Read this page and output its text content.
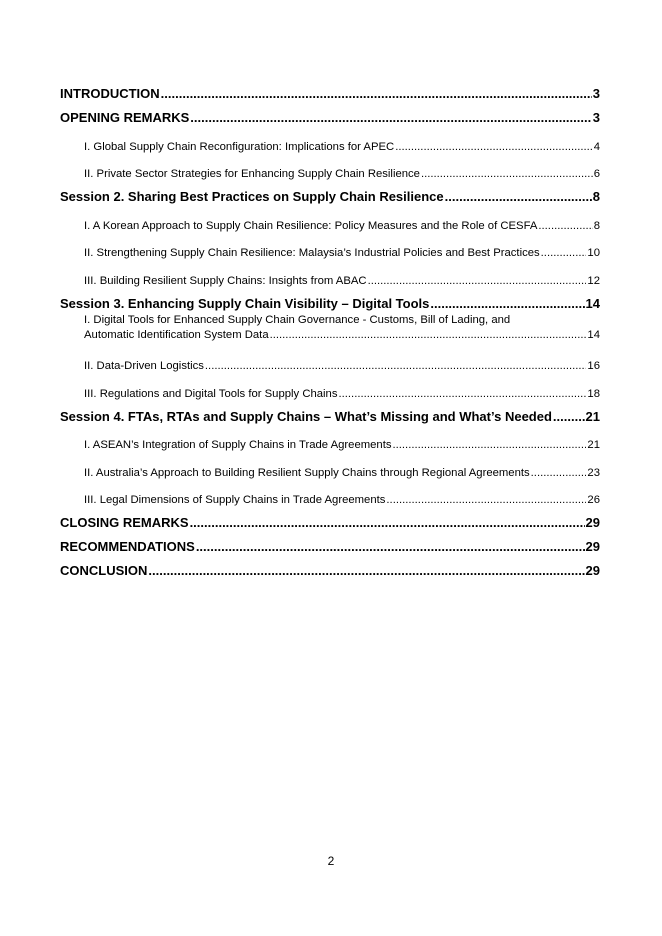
INTRODUCTION .....	3
OPENING REMARKS .....	3
I. Global Supply Chain Reconfiguration: Implications for APEC .....	4
II. Private Sector Strategies for Enhancing Supply Chain Resilience .....	6
Session 2. Sharing Best Practices on Supply Chain Resilience .....	8
I. A Korean Approach to Supply Chain Resilience: Policy Measures and the Role of CESFA .....	8
II. Strengthening Supply Chain Resilience: Malaysia’s Industrial Policies and Best Practices .....	10
III. Building Resilient Supply Chains: Insights from ABAC .....	12
Session 3. Enhancing Supply Chain Visibility – Digital Tools .....	14
I. Digital Tools for Enhanced Supply Chain Governance - Customs, Bill of Lading, and
Automatic Identification System Data .....	14
II. Data-Driven Logistics .....	16
III. Regulations and Digital Tools for Supply Chains .....	18
Session 4. FTAs, RTAs and Supply Chains – What’s Missing and What’s Needed .....	21
I. ASEAN’s Integration of Supply Chains in Trade Agreements .....	21
II. Australia’s Approach to Building Resilient Supply Chains through Regional Agreements .....	23
III. Legal Dimensions of Supply Chains in Trade Agreements .....	26
CLOSING REMARKS .....	29
RECOMMENDATIONS .....	29
CONCLUSION .....	29
2
